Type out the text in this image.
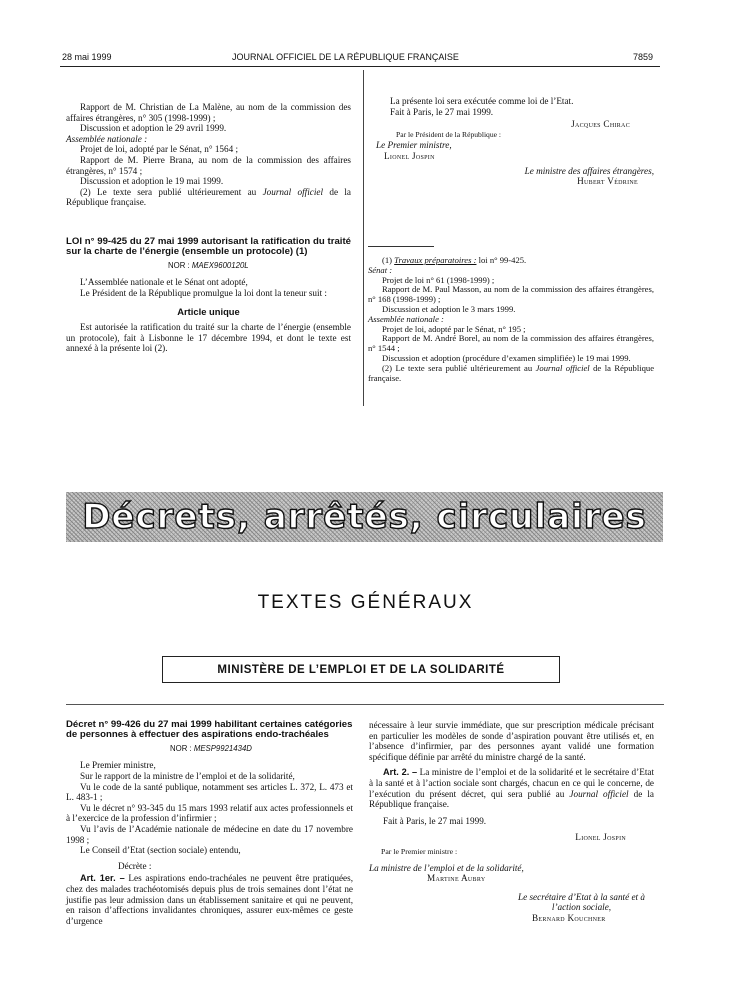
28 mai 1999	JOURNAL OFFICIEL DE LA RÉPUBLIQUE FRANÇAISE	7859

Rapport de M. Christian de La Malène, au nom de la commission des affaires étrangères, n° 305 (1998-1999) ;

Discussion et adoption le 29 avril 1999.

Assemblée nationale :

Projet de loi, adopté par le Sénat, n° 1564 ;

Rapport de M. Pierre Brana, au nom de la commission des affaires étrangères, n° 1574 ;

Discussion et adoption le 19 mai 1999.

(2) Le texte sera publié ultérieurement au Journal officiel de la République française.

LOI n° 99-425 du 27 mai 1999 autorisant la ratification du traité sur la charte de l’énergie (ensemble un protocole) (1)

NOR : MAEX9600120L

L’Assemblée nationale et le Sénat ont adopté,

Le Président de la République promulgue la loi dont la teneur suit :

Article unique

Est autorisée la ratification du traité sur la charte de l’énergie (ensemble un protocole), fait à Lisbonne le 17 décembre 1994, et dont le texte est annexé à la présente loi (2).

La présente loi sera exécutée comme loi de l’Etat.

Fait à Paris, le 27 mai 1999.

Jacques Chirac

Par le Président de la République :

Le Premier ministre,

Lionel Jospin

Le ministre des affaires étrangères,

Hubert Védrine

(1) Travaux préparatoires : loi n° 99-425.

Sénat :

Projet de loi n° 61 (1998-1999) ;

Rapport de M. Paul Masson, au nom de la commission des affaires étrangères, n° 168 (1998-1999) ;

Discussion et adoption le 3 mars 1999.

Assemblée nationale :

Projet de loi, adopté par le Sénat, n° 195 ;

Rapport de M. André Borel, au nom de la commission des affaires étrangères, n° 1544 ;

Discussion et adoption (procédure d’examen simplifiée) le 19 mai 1999.

(2) Le texte sera publié ultérieurement au Journal officiel de la République française.

Décrets, arrêtés, circulaires
TEXTES GÉNÉRAUX
MINISTÈRE DE L’EMPLOI ET DE LA SOLIDARITÉ

Décret n° 99-426 du 27 mai 1999 habilitant certaines catégories de personnes à effectuer des aspirations endo-trachéales

NOR : MESP9921434D

Le Premier ministre,

Sur le rapport de la ministre de l’emploi et de la solidarité,

Vu le code de la santé publique, notamment ses articles L. 372, L. 473 et L. 483-1 ;

Vu le décret n° 93-345 du 15 mars 1993 relatif aux actes professionnels et à l’exercice de la profession d’infirmier ;

Vu l’avis de l’Académie nationale de médecine en date du 17 novembre 1998 ;

Le Conseil d’Etat (section sociale) entendu,

Décrète :

Art. 1er. – Les aspirations endo-trachéales ne peuvent être pratiquées, chez des malades trachéotomisés depuis plus de trois semaines dont l’état ne justifie pas leur admission dans un établissement sanitaire et qui ne peuvent, en raison d’affections invalidantes chroniques, assurer eux-mêmes ce geste d’urgence

nécessaire à leur survie immédiate, que sur prescription médicale précisant en particulier les modèles de sonde d’aspiration pouvant être utilisés et, en l’absence d’infirmier, par des personnes ayant validé une formation spécifique définie par arrêté du ministre chargé de la santé.

Art. 2. – La ministre de l’emploi et de la solidarité et le secrétaire d’Etat à la santé et à l’action sociale sont chargés, chacun en ce qui le concerne, de l’exécution du présent décret, qui sera publié au Journal officiel de la République française.

Fait à Paris, le 27 mai 1999.

Lionel Jospin

Par le Premier ministre :

La ministre de l’emploi et de la solidarité,

Martine Aubry

Le secrétaire d’Etat à la santé et à l’action sociale,

Bernard Kouchner
